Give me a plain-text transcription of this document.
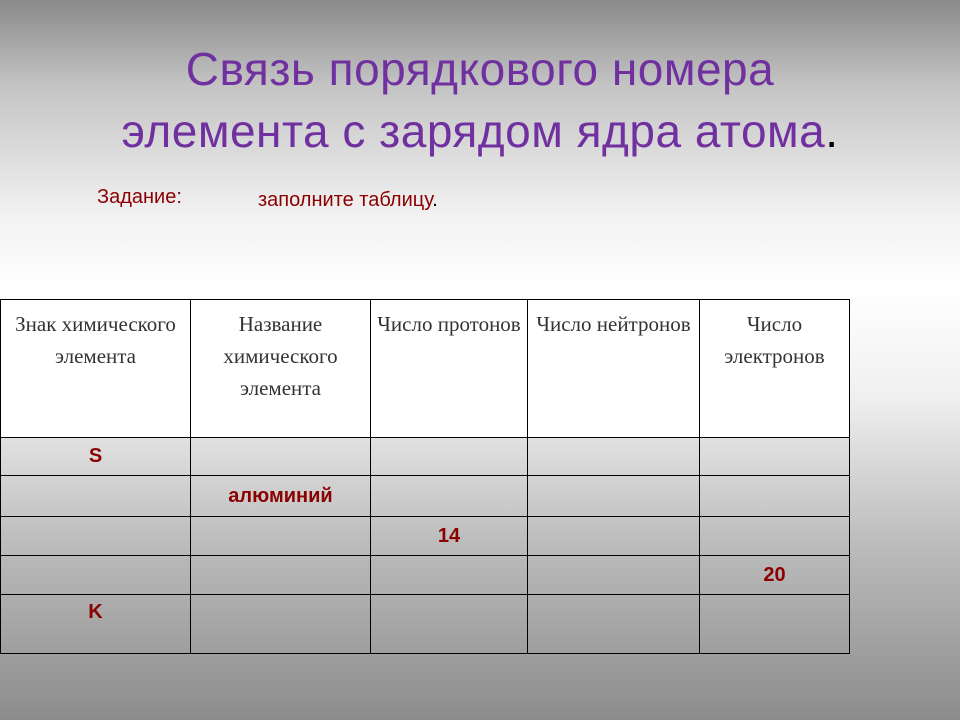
Связь порядкового номера
элемента с зарядом ядра атома.
Задание:	заполните таблицу.
Знак химического элемента	Название химического элемента	Число протонов	Число нейтронов	Число электронов
S				
	алюминий			
		14		
				20
K				
